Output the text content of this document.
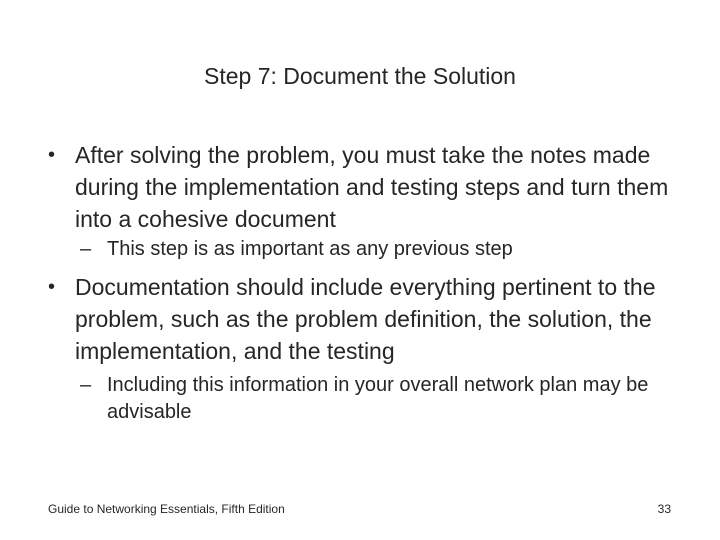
Step 7: Document the Solution
• After solving the problem, you must take the notes made during the implementation and testing steps and turn them into a cohesive document
– This step is as important as any previous step
• Documentation should include everything pertinent to the problem, such as the problem definition, the solution, the implementation, and the testing
– Including this information in your overall network plan may be advisable
Guide to Networking Essentials, Fifth Edition	33
